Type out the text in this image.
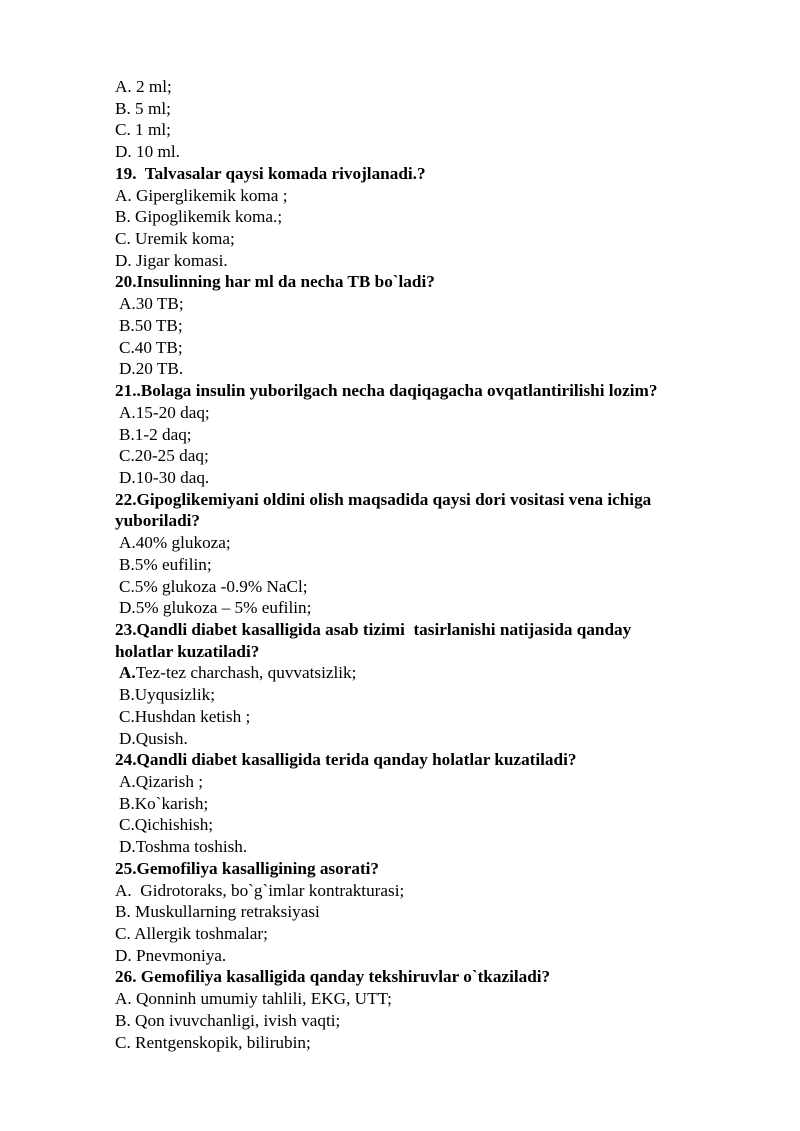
A. 2 ml;

B. 5 ml;

C. 1 ml;

D. 10 ml.

19.  Talvasalar qaysi komada rivojlanadi.?

A. Giperglikemik koma ;

B. Gipoglikemik koma.;

C. Uremik koma;

D. Jigar komasi.

20.Insulinning har ml da necha TB bo`ladi?

A.30 TB;

B.50 TB;

C.40 TB;

D.20 TB.

21..Bolaga insulin yuborilgach necha daqiqagacha ovqatlantirilishi lozim?

A.15-20 daq;

B.1-2 daq;

C.20-25 daq;

D.10-30 daq.

22.Gipoglikemiyani oldini olish maqsadida qaysi dori vositasi vena ichiga

yuboriladi?

A.40% glukoza;

B.5% eufilin;

C.5% glukoza -0.9% NaCl;

D.5% glukoza – 5% eufilin;

23.Qandli diabet kasalligida asab tizimi  tasirlanishi natijasida qanday

holatlar kuzatiladi?

A.Tez-tez charchash, quvvatsizlik;

B.Uyqusizlik;

C.Hushdan ketish ;

D.Qusish.

24.Qandli diabet kasalligida terida qanday holatlar kuzatiladi?

A.Qizarish ;

B.Ko`karish;

C.Qichishish;

D.Toshma toshish.

25.Gemofiliya kasalligining asorati?

A.  Gidrotoraks, bo`g`imlar kontrakturasi;

B. Muskullarning retraksiyasi

C. Allergik toshmalar;

D. Pnevmoniya.

26. Gemofiliya kasalligida qanday tekshiruvlar o`tkaziladi?

A. Qonninh umumiy tahlili, EKG, UTT;

B. Qon ivuvchanligi, ivish vaqti;

C. Rentgenskopik, bilirubin;
